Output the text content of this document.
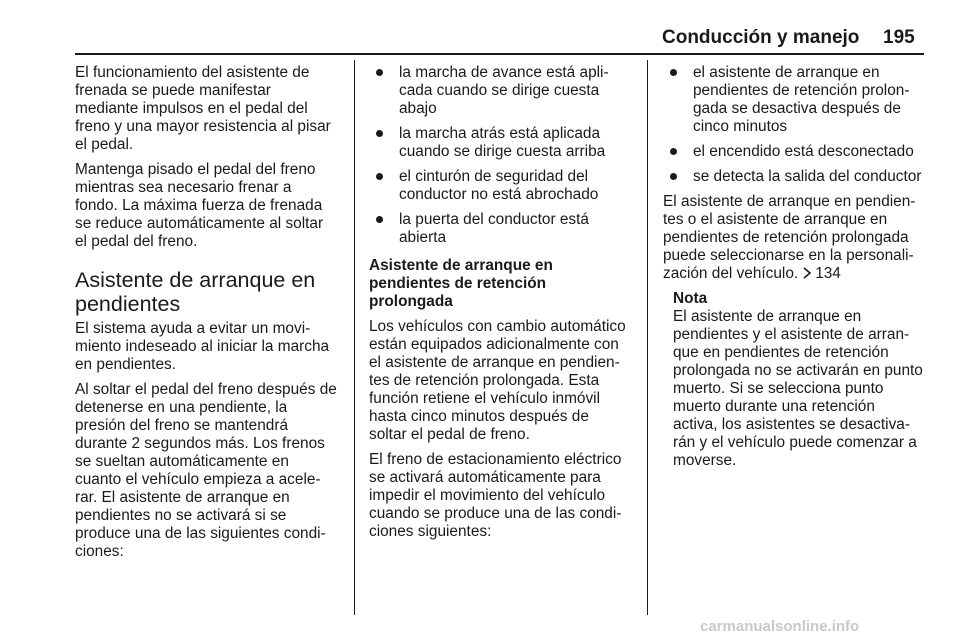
Conducción y manejo 195

El funcionamiento del asistente de
frenada se puede manifestar
mediante impulsos en el pedal del
freno y una mayor resistencia al pisar
el pedal.

Mantenga pisado el pedal del freno
mientras sea necesario frenar a
fondo. La máxima fuerza de frenada
se reduce automáticamente al soltar
el pedal del freno.

Asistente de arranque en
pendientes

El sistema ayuda a evitar un movi‐
miento indeseado al iniciar la marcha
en pendientes.

Al soltar el pedal del freno después de
detenerse en una pendiente, la
presión del freno se mantendrá
durante 2 segundos más. Los frenos
se sueltan automáticamente en
cuanto el vehículo empieza a acele‐
rar. El asistente de arranque en
pendientes no se activará si se
produce una de las siguientes condi‐
ciones:

la marcha de avance está apli‐
cada cuando se dirige cuesta
abajo
la marcha atrás está aplicada
cuando se dirige cuesta arriba
el cinturón de seguridad del
conductor no está abrochado
la puerta del conductor está
abierta
Asistente de arranque en
pendientes de retención
prolongada

Los vehículos con cambio automático
están equipados adicionalmente con
el asistente de arranque en pendien‐
tes de retención prolongada. Esta
función retiene el vehículo inmóvil
hasta cinco minutos después de
soltar el pedal de freno.

El freno de estacionamiento eléctrico
se activará automáticamente para
impedir el movimiento del vehículo
cuando se produce una de las condi‐
ciones siguientes:

el asistente de arranque en
pendientes de retención prolon‐
gada se desactiva después de
cinco minutos
el encendido está desconectado
se detecta la salida del conductor

El asistente de arranque en pendien‐
tes o el asistente de arranque en
pendientes de retención prolongada
puede seleccionarse en la personali‐
zación del vehículo. 134

Nota
El asistente de arranque en
pendientes y el asistente de arran‐
que en pendientes de retención
prolongada no se activarán en punto
muerto. Si se selecciona punto
muerto durante una retención
activa, los asistentes se desactiva‐
rán y el vehículo puede comenzar a
moverse.
carmanualsonline.info
